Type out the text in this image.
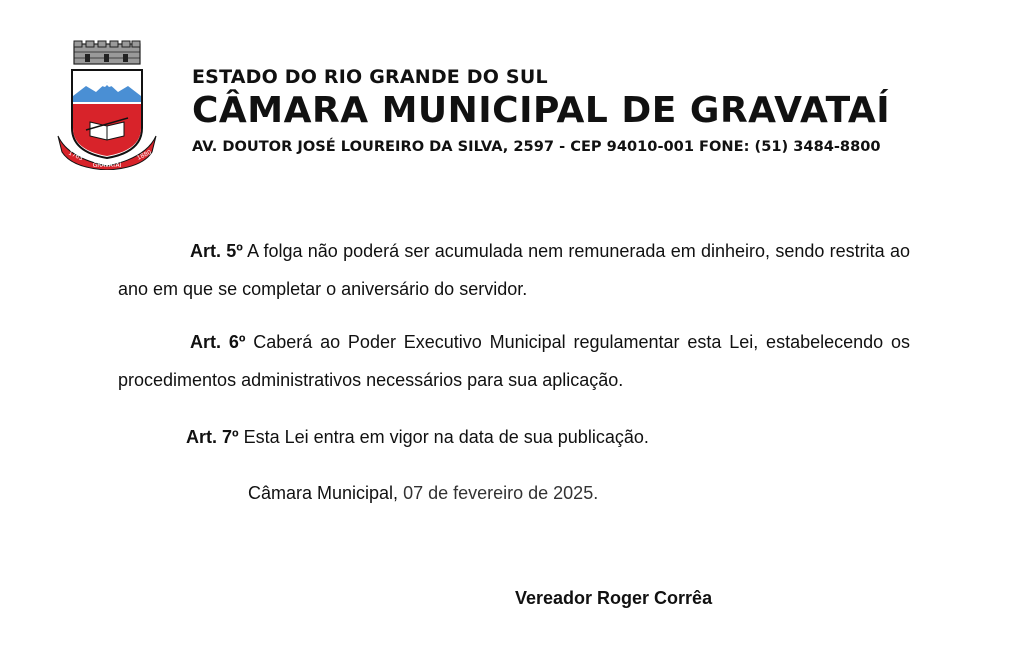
1763
GRAVATAÍ
1880
ESTADO DO RIO GRANDE DO SUL
CÂMARA MUNICIPAL DE GRAVATAÍ
AV. DOUTOR JOSÉ LOUREIRO DA SILVA, 2597 - CEP 94010-001 FONE: (51) 3484-8800

Art. 5º A folga não poderá ser acumulada nem remunerada em dinheiro, sendo restrita ao ano em que se completar o aniversário do servidor.

Art. 6º Caberá ao Poder Executivo Municipal regulamentar esta Lei, estabelecendo os procedimentos administrativos necessários para sua aplicação.

Art. 7º Esta Lei entra em vigor na data de sua publicação.

Câmara Municipal, 07 de fevereiro de 2025.
Vereador Roger Corrêa
